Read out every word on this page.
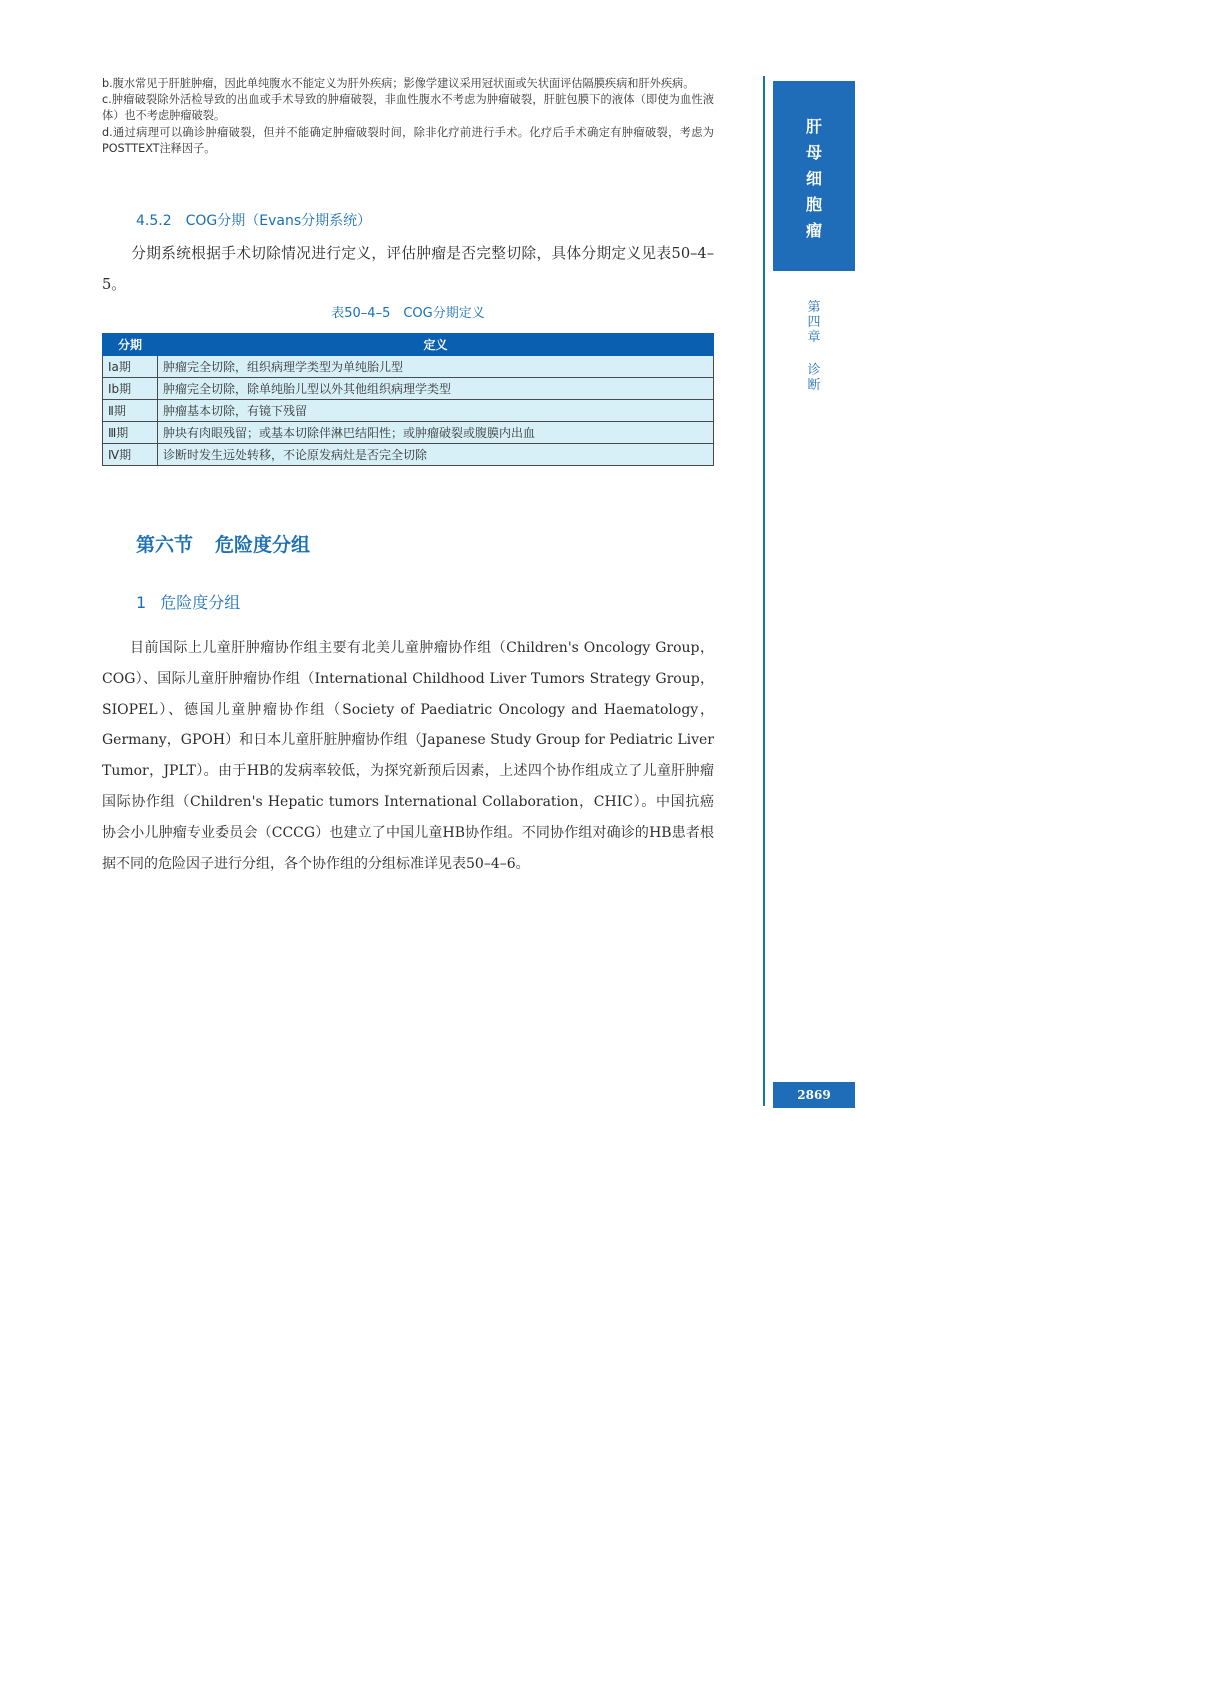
b.腹水常见于肝脏肿瘤，因此单纯腹水不能定义为肝外疾病；影像学建议采用冠状面或矢状面评估隔膜疾病和肝外疾病。

c.肿瘤破裂除外活检导致的出血或手术导致的肿瘤破裂，非血性腹水不考虑为肿瘤破裂，肝脏包膜下的液体（即使为血性液体）也不考虑肿瘤破裂。

d.通过病理可以确诊肿瘤破裂，但并不能确定肿瘤破裂时间，除非化疗前进行手术。化疗后手术确定有肿瘤破裂，考虑为POSTTEXT注释因子。

4.5.2　COG分期（Evans分期系统）

分期系统根据手术切除情况进行定义，评估肿瘤是否完整切除，具体分期定义见表50–4–5。

表50–4–5　COG分期定义
分期	定义
Ⅰa期	肿瘤完全切除，组织病理学类型为单纯胎儿型
Ⅰb期	肿瘤完全切除，除单纯胎儿型以外其他组织病理学类型
Ⅱ期	肿瘤基本切除，有镜下残留
Ⅲ期	肿块有肉眼残留；或基本切除伴淋巴结阳性；或肿瘤破裂或腹膜内出血
Ⅳ期	诊断时发生远处转移，不论原发病灶是否完全切除
第六节 危险度分组
1 危险度分组

目前国际上儿童肝肿瘤协作组主要有北美儿童肿瘤协作组（Children's Oncology Group，COG）、国际儿童肝肿瘤协作组（International Childhood Liver Tumors Strategy Group，SIOPEL）、德国儿童肿瘤协作组（Society of Paediatric Oncology and Haematology，Germany，GPOH）和日本儿童肝脏肿瘤协作组（Japanese Study Group for Pediatric Liver Tumor，JPLT）。由于HB的发病率较低，为探究新预后因素，上述四个协作组成立了儿童肝肿瘤国际协作组（Children's Hepatic tumors International Collaboration，CHIC）。中国抗癌协会小儿肿瘤专业委员会（CCCG）也建立了中国儿童HB协作组。不同协作组对确诊的HB患者根据不同的危险因子进行分组，各个协作组的分组标准详见表50–4–6。

肝
母
细
胞
瘤
第
四
章
诊
断
2869
